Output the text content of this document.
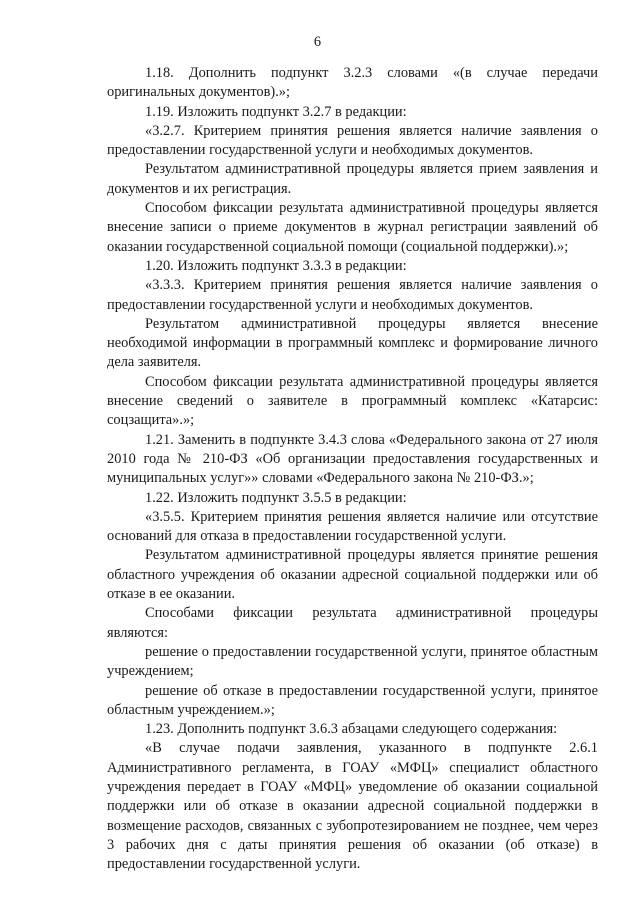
6

1.18. Дополнить подпункт 3.2.3 словами «(в случае передачи оригинальных документов).»;

1.19. Изложить подпункт 3.2.7 в редакции:

«3.2.7. Критерием принятия решения является наличие заявления о предоставлении государственной услуги и необходимых документов.

Результатом административной процедуры является прием заявления и документов и их регистрация.

Способом фиксации результата административной процедуры является внесение записи о приеме документов в журнал регистрации заявлений об оказании государственной социальной помощи (социальной поддержки).»;

1.20. Изложить подпункт 3.3.3 в редакции:

«3.3.3. Критерием принятия решения является наличие заявления о предоставлении государственной услуги и необходимых документов.

Результатом административной процедуры является внесение необходимой информации в программный комплекс и формирование личного дела заявителя.

Способом фиксации результата административной процедуры является внесение сведений о заявителе в программный комплекс «Катарсис: соцзащита».»;

1.21. Заменить в подпункте 3.4.3 слова «Федерального закона от 27 июля 2010 года № 210-ФЗ «Об организации предоставления государственных и муниципальных услуг»» словами «Федерального закона № 210-ФЗ.»;

1.22. Изложить подпункт 3.5.5 в редакции:

«3.5.5. Критерием принятия решения является наличие или отсутствие оснований для отказа в предоставлении государственной услуги.

Результатом административной процедуры является принятие решения областного учреждения об оказании адресной социальной поддержки или об отказе в ее оказании.

Способами фиксации результата административной процедуры являются:

решение о предоставлении государственной услуги, принятое областным учреждением;

решение об отказе в предоставлении государственной услуги, принятое областным учреждением.»;

1.23. Дополнить подпункт 3.6.3 абзацами следующего содержания:

«В случае подачи заявления, указанного в подпункте 2.6.1 Административного регламента, в ГОАУ «МФЦ» специалист областного учреждения передает в ГОАУ «МФЦ» уведомление об оказании социальной поддержки или об отказе в оказании адресной социальной поддержки в возмещение расходов, связанных с зубопротезированием не позднее, чем через 3 рабочих дня с даты принятия решения об оказании (об отказе) в предоставлении государственной услуги.
